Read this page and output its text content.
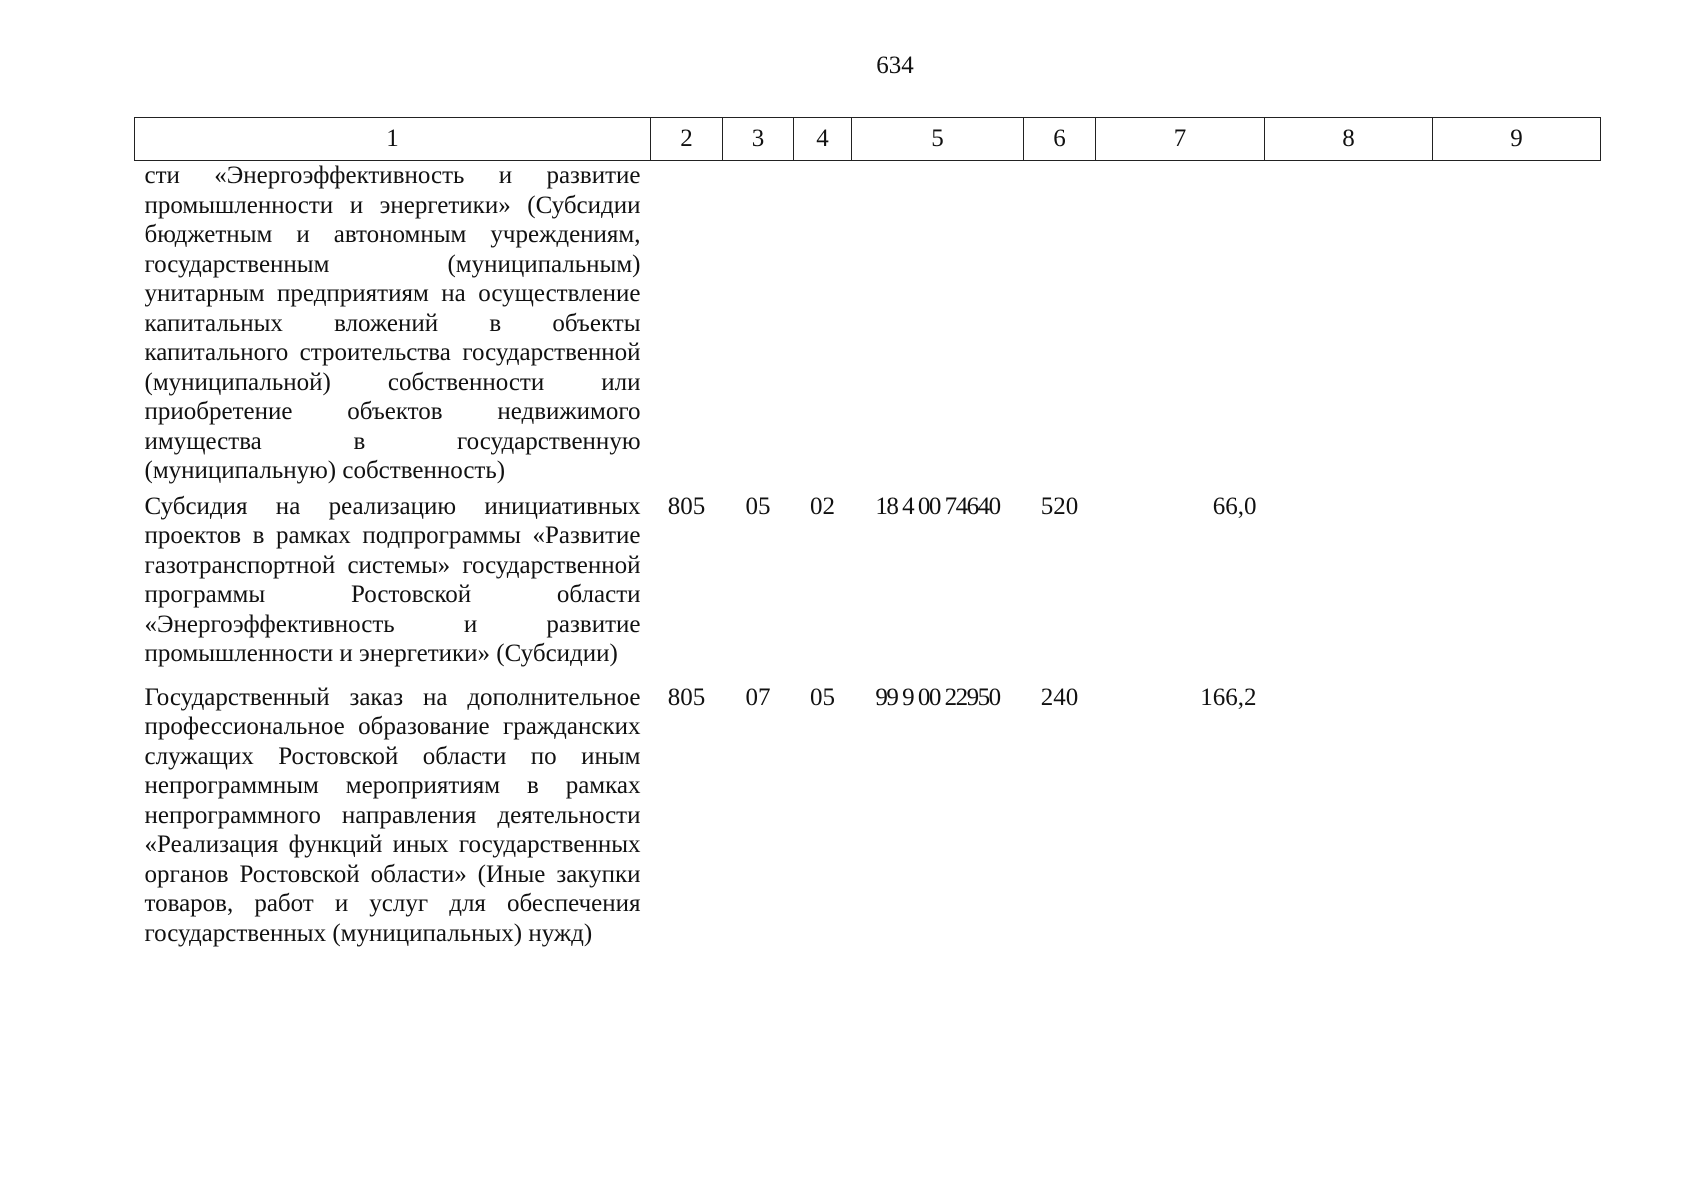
634
1	2	3	4	5	6	7	8	9
сти «Энергоэффективность и развитие промышленности и энергетики» (Субсидии бюджетным и автономным учреждениям, государственным (муниципальным) унитарным предприятиям на осуществление капитальных вложений в объекты капитального строительства государственной (муниципальной) собственности или приобретение объектов недвижимого имущества в государственную (муниципальную) собственность)								
Субсидия на реализацию инициативных проектов в рамках подпрограммы «Развитие газотранспортной системы» государственной программы Ростовской области «Энергоэффективность и развитие промышленности и энергетики» (Субсидии)	805	05	02	18 4 00 74640	520	66,0		
Государственный заказ на дополнительное профессиональное образование гражданских служащих Ростовской области по иным непрограммным мероприятиям в рамках непрограммного направления деятельности «Реализация функций иных государственных органов Ростовской области» (Иные закупки товаров, работ и услуг для обеспечения государственных (муниципальных) нужд)	805	07	05	99 9 00 22950	240	166,2		
